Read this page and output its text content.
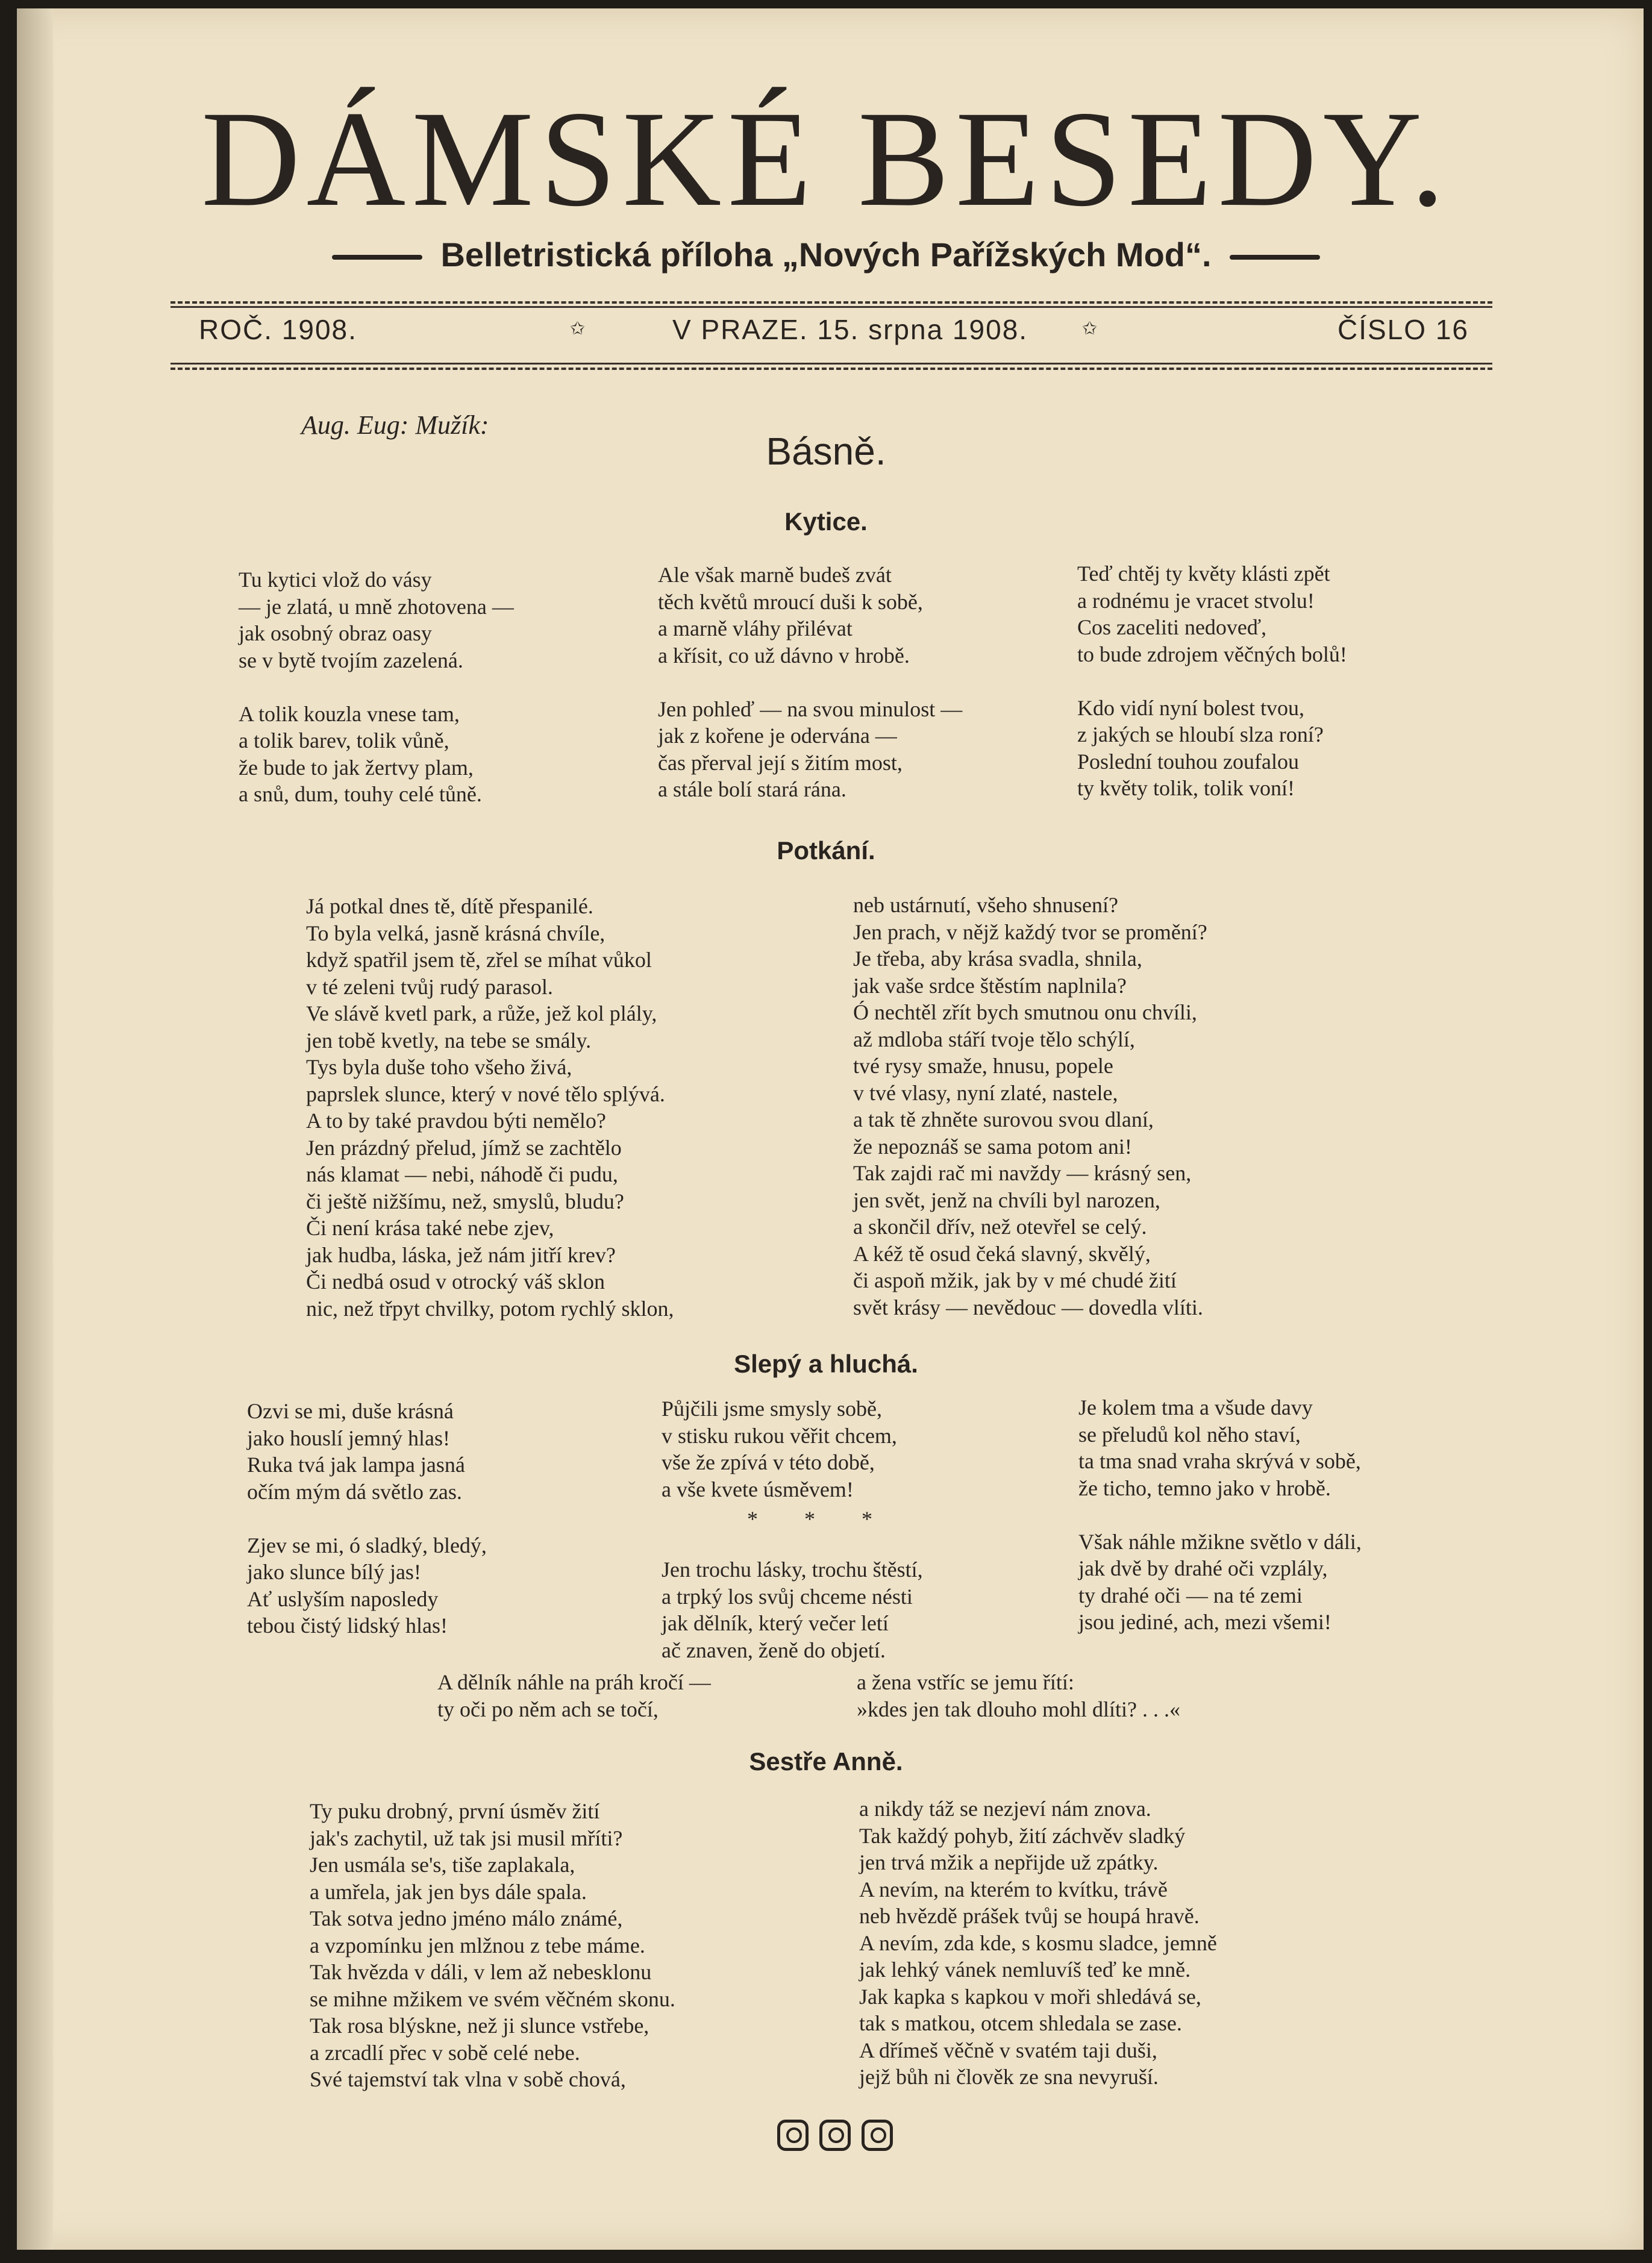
DÁMSKÉ BESEDY.
Belletristická příloha „Nových Pařížských Mod“.
ROČ. 1908.	✩	V PRAZE. 15. srpna 1908.	✩	ČÍSLO 16
Aug. Eug: Mužík:
Básně.
Kytice.
Tu kytici vlož do vásy
— je zlatá, u mně zhotovena —
jak osobný obraz oasy
se v bytě tvojím zazelená.

A tolik kouzla vnese tam,
a tolik barev, tolik vůně,
že bude to jak žertvy plam,
a snů, dum, touhy celé tůně.
Ale však marně budeš zvát
těch květů mroucí duši k sobě,
a marně vláhy přilévat
a křísit, co už dávno v hrobě.

Jen pohleď — na svou minulost —
jak z kořene je odervána —
čas přerval její s žitím most,
a stále bolí stará rána.
Teď chtěj ty květy klásti zpět
a rodnému je vracet stvolu!
Cos zaceliti nedoveď,
to bude zdrojem věčných bolů!

Kdo vidí nyní bolest tvou,
z jakých se hloubí slza roní?
Poslední touhou zoufalou
ty květy tolik, tolik voní!
Potkání.
Já potkal dnes tě, dítě přespanilé.
To byla velká, jasně krásná chvíle,
když spatřil jsem tě, zřel se míhat vůkol
v té zeleni tvůj rudý parasol.
Ve slávě kvetl park, a růže, jež kol plály,
jen tobě kvetly, na tebe se smály.
Tys byla duše toho všeho živá,
paprslek slunce, který v nové tělo splývá.
A to by také pravdou býti nemělo?
Jen prázdný přelud, jímž se zachtělo
nás klamat — nebi, náhodě či pudu,
či ještě nižšímu, než, smyslů, bludu?
Či není krása také nebe zjev,
jak hudba, láska, jež nám jitří krev?
Či nedbá osud v otrocký váš sklon
nic, než třpyt chvilky, potom rychlý sklon,
neb ustárnutí, všeho shnusení?
Jen prach, v nějž každý tvor se promění?
Je třeba, aby krása svadla, shnila,
jak vaše srdce štěstím naplnila?
Ó nechtěl zřít bych smutnou onu chvíli,
až mdloba stáří tvoje tělo schýlí,
tvé rysy smaže, hnusu, popele
v tvé vlasy, nyní zlaté, nastele,
a tak tě zhněte surovou svou dlaní,
že nepoznáš se sama potom ani!
Tak zajdi rač mi navždy — krásný sen,
jen svět, jenž na chvíli byl narozen,
a skončil dřív, než otevřel se celý.
A kéž tě osud čeká slavný, skvělý,
či aspoň mžik, jak by v mé chudé žití
svět krásy — nevědouc — dovedla vlíti.
Slepý a hluchá.
Ozvi se mi, duše krásná
jako houslí jemný hlas!
Ruka tvá jak lampa jasná
očím mým dá světlo zas.

Zjev se mi, ó sladký, bledý,
jako slunce bílý jas!
Ať uslyším naposledy
tebou čistý lidský hlas!
Půjčili jsme smysly sobě,
v stisku rukou věřit chcem,
vše že zpívá v této době,
a vše kvete úsměvem!

Jen trochu lásky, trochu štěstí,
a trpký los svůj chceme nésti
jak dělník, který večer letí
ač znaven, ženě do objetí.
* * *
Je kolem tma a všude davy
se přeludů kol něho staví,
ta tma snad vraha skrývá v sobě,
že ticho, temno jako v hrobě.

Však náhle mžikne světlo v dáli,
jak dvě by drahé oči vzplály,
ty drahé oči — na té zemi
jsou jediné, ach, mezi všemi!
A dělník náhle na práh kročí —
ty oči po něm ach se točí,
a žena vstříc se jemu řítí:
»kdes jen tak dlouho mohl dlíti? . . .«
Sestře Anně.
Ty puku drobný, první úsměv žití
jak's zachytil, už tak jsi musil mříti?
Jen usmála se's, tiše zaplakala,
a umřela, jak jen bys dále spala.
Tak sotva jedno jméno málo známé,
a vzpomínku jen mlžnou z tebe máme.
Tak hvězda v dáli, v lem až nebesklonu
se mihne mžikem ve svém věčném skonu.
Tak rosa blýskne, než ji slunce vstřebe,
a zrcadlí přec v sobě celé nebe.
Své tajemství tak vlna v sobě chová,
a nikdy táž se nezjeví nám znova.
Tak každý pohyb, žití záchvěv sladký
jen trvá mžik a nepřijde už zpátky.
A nevím, na kterém to kvítku, trávě
neb hvězdě prášek tvůj se houpá hravě.
A nevím, zda kde, s kosmu sladce, jemně
jak lehký vánek nemluvíš teď ke mně.
Jak kapka s kapkou v moři shledává se,
tak s matkou, otcem shledala se zase.
A dřímeš věčně v svatém taji duši,
jejž bůh ni člověk ze sna nevyruší.
